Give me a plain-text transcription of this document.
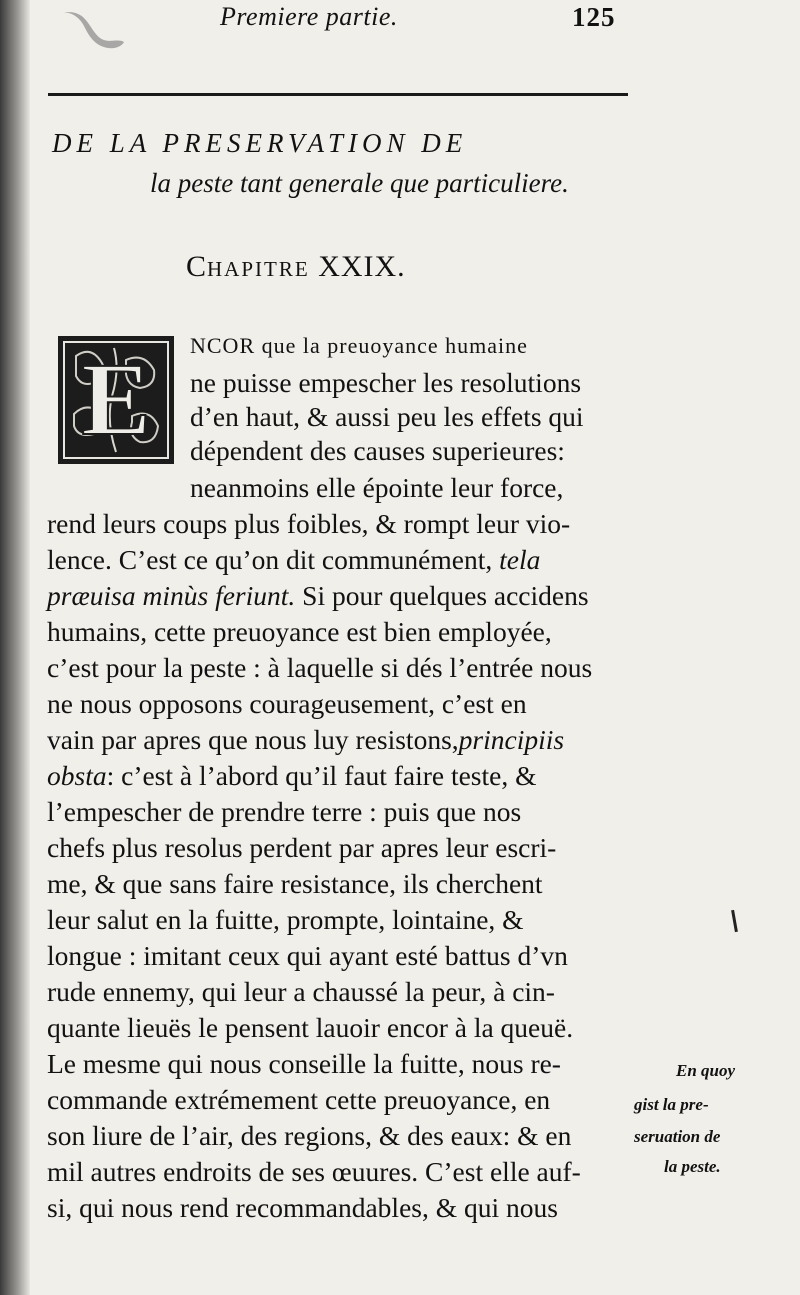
Premiere partie.	125
DE LA PRESERVATION DE
la peste tant generale que particuliere.
CHAPITRE XXIX.
E NCOR que la preuoyance humaine
ne puisse empescher les resolutions
d’en haut, & aussi peu les effets qui
dépendent des causes superieures:
neanmoins elle épointe leur force,
rend leurs coups plus foibles, & rompt leur vio-
lence. C’est ce qu’on dit communément, tela
præuisa minùs feriunt. Si pour quelques accidens
humains, cette preuoyance est bien employée,
c’est pour la peste : à laquelle si dés l’entrée nous
ne nous opposons courageusement, c’est en
vain par apres que nous luy resistons,principiis
obsta: c’est à l’abord qu’il faut faire teste, &
l’empescher de prendre terre : puis que nos
chefs plus resolus perdent par apres leur escri-
me, & que sans faire resistance, ils cherchent
leur salut en la fuitte, prompte, lointaine, &
longue : imitant ceux qui ayant esté battus d’vn
rude ennemy, qui leur a chaussé la peur, à cin-
quante lieuës le pensent lauoir encor à la queuë.
Le mesme qui nous conseille la fuitte, nous re-
commande extrémement cette preuoyance, en
son liure de l’air, des regions, & des eaux: & en
mil autres endroits de ses œuures. C’est elle auf-
si, qui nous rend recommandables, & qui nous
En quoy
gist la pre-
seruation de
la peste.
